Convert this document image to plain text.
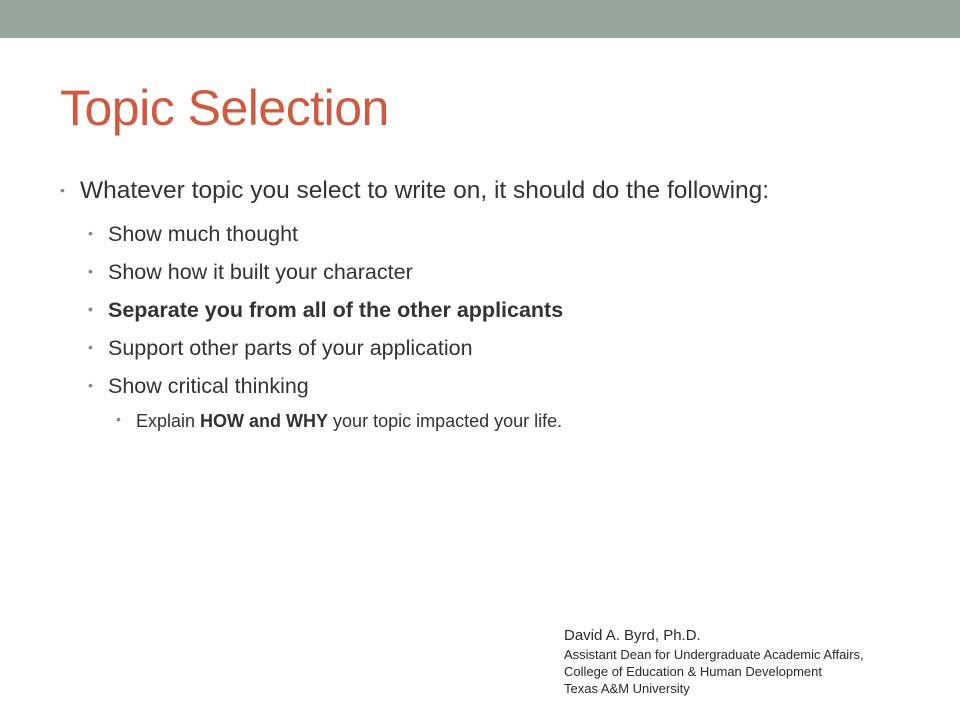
Topic Selection
• Whatever topic you select to write on, it should do the following:
• Show much thought
• Show how it built your character
• Separate you from all of the other applicants
• Support other parts of your application
• Show critical thinking
• Explain HOW and WHY your topic impacted your life.
David A. Byrd, Ph.D.
Assistant Dean for Undergraduate Academic Affairs,
College of Education & Human Development
Texas A&M University
